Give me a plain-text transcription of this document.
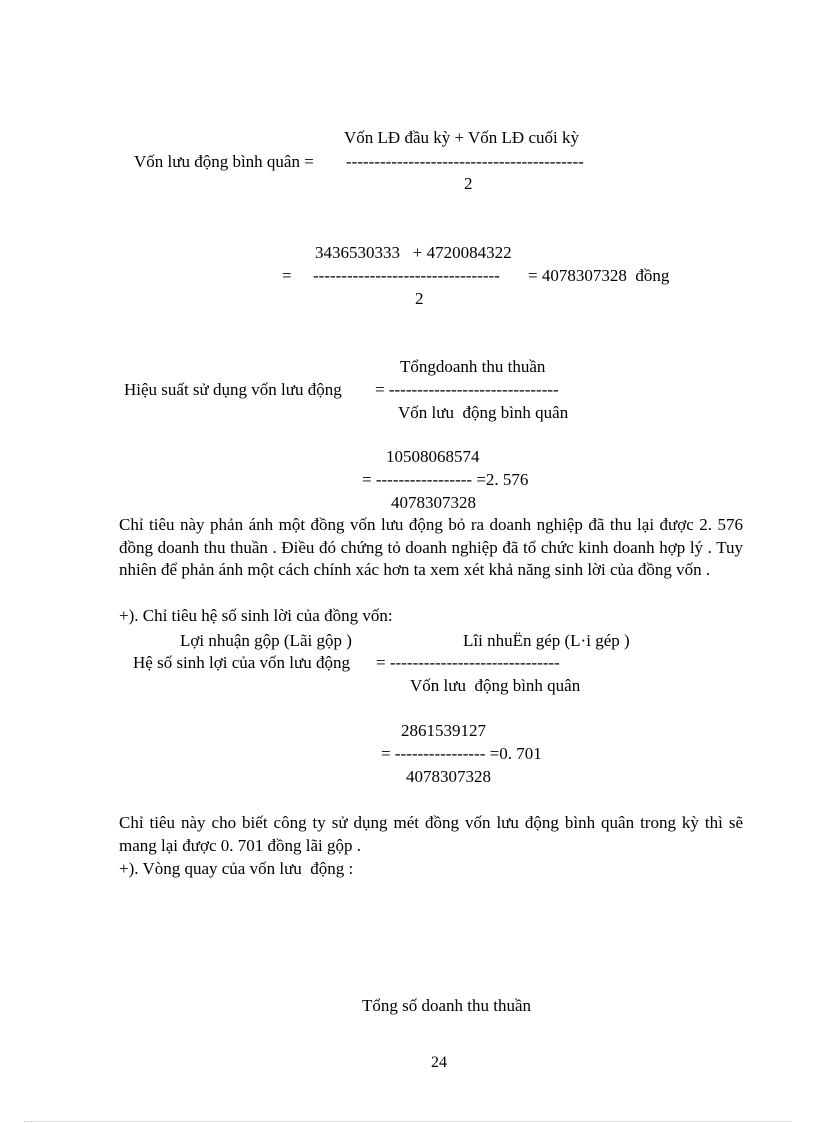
Vốn LĐ đầu kỳ + Vốn LĐ cuối kỳ
Vốn lưu động bình quân = ------------------------------------------
2
3436530333   + 4720084322
= --------------------------------- = 4078307328  đồng
2
Tổngdoanh thu thuần
Hiệu suất sử dụng vốn lưu động = ------------------------------
Vốn lưu  động bình quân
10508068574
= ----------------- =2. 576
4078307328
Chỉ tiêu này phản ánh một đồng vốn lưu động bỏ ra doanh nghiệp đã thu lại được 2. 576 đồng doanh thu thuần . Điều đó chứng tỏ doanh nghiệp đã tổ chức kinh doanh hợp lý . Tuy nhiên để phản ánh một cách chính xác hơn ta xem xét khả năng sinh lời của đồng vốn .
+). Chỉ tiêu hệ số sinh lời của đồng vốn:
Lợi nhuận gộp (Lãi gộp )	Lîi nhuËn gép (L·i gép )
Hệ số sinh lợi của vốn lưu động = ------------------------------
Vốn lưu  động bình quân
2861539127
= ---------------- =0. 701
4078307328
Chỉ tiêu này cho biết công ty sử dụng mét đồng vốn lưu động bình quân trong kỳ thì sẽ mang lại được 0. 701 đồng lãi gộp .
+). Vòng quay của vốn lưu  động :
Tổng số doanh thu thuần
24
